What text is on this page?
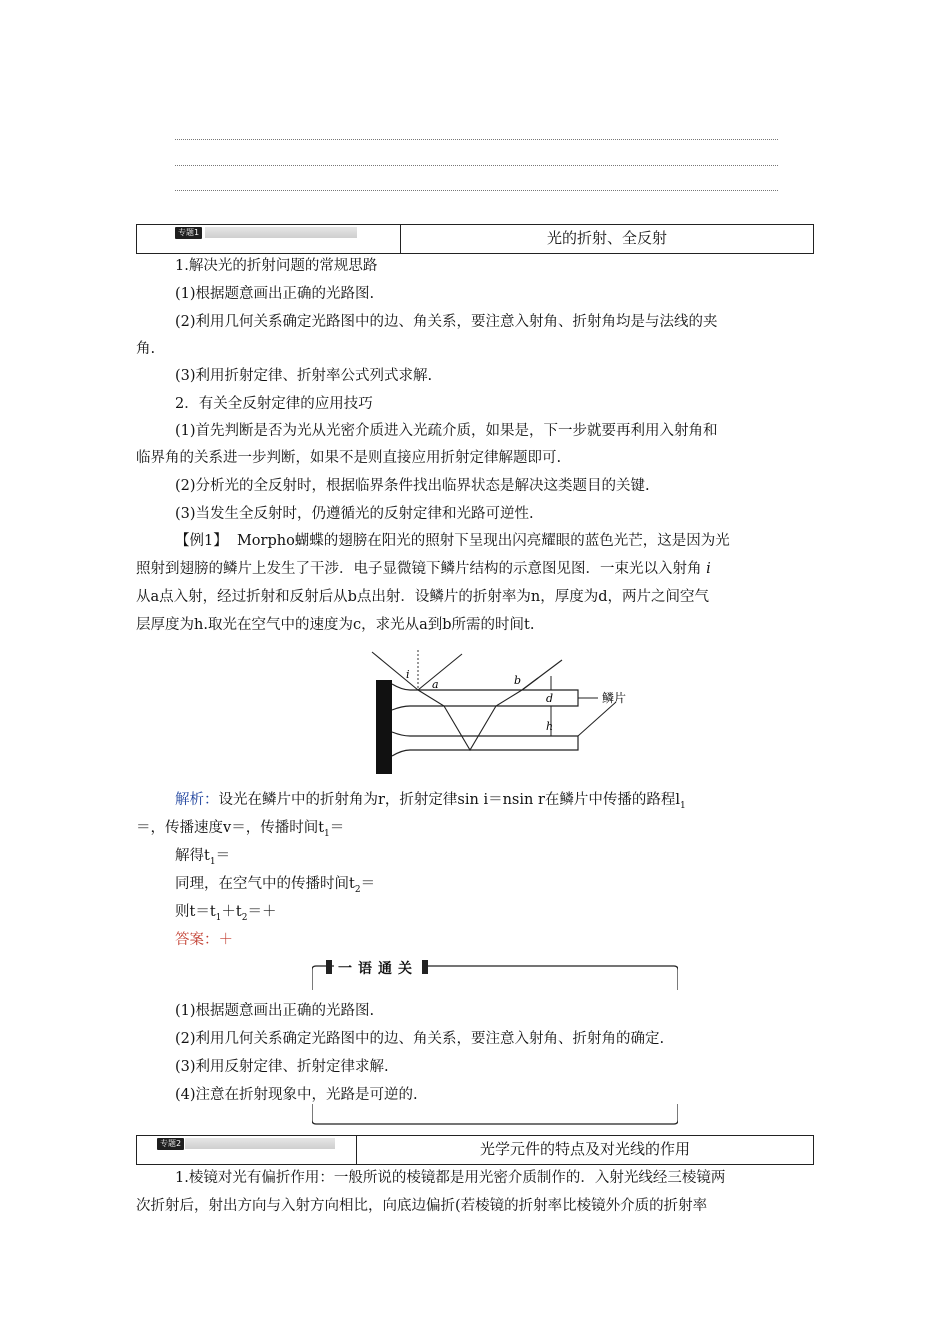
专题1	光的折射、全反射
1.解决光的折射问题的常规思路
(1)根据题意画出正确的光路图.
(2)利用几何关系确定光路图中的边、角关系，要注意入射角、折射角均是与法线的夹
角.
(3)利用折射定律、折射率公式列式求解.
2．有关全反射定律的应用技巧
(1)首先判断是否为光从光密介质进入光疏介质，如果是，下一步就要再利用入射角和
临界角的关系进一步判断，如果不是则直接应用折射定律解题即可.
(2)分析光的全反射时，根据临界条件找出临界状态是解决这类题目的关键.
(3)当发生全反射时，仍遵循光的反射定律和光路可逆性.
【例1】 Morpho蝴蝶的翅膀在阳光的照射下呈现出闪亮耀眼的蓝色光芒，这是因为光
照射到翅膀的鳞片上发生了干涉．电子显微镜下鳞片结构的示意图见图．一束光以入射角 i
从a点入射，经过折射和反射后从b点出射．设鳞片的折射率为n，厚度为d，两片之间空气
层厚度为h.取光在空气中的速度为c，求光从a到b所需的时间t.
i
a	b
d
h
鳞片
解析：设光在鳞片中的折射角为r，折射定律sin i＝nsin r在鳞片中传播的路程$l_1$
＝，传播速度v＝，传播时间$t_1=$
解得$t_1=$
同理，在空气中的传播时间$t_2=$
则$t=t_1+t_2=+$
答案：＋
一语通关
(1)根据题意画出正确的光路图.
(2)利用几何关系确定光路图中的边、角关系，要注意入射角、折射角的确定.
(3)利用反射定律、折射定律求解.
(4)注意在折射现象中，光路是可逆的.
专题2	光学元件的特点及对光线的作用
1.棱镜对光有偏折作用：一般所说的棱镜都是用光密介质制作的．入射光线经三棱镜两
次折射后，射出方向与入射方向相比，向底边偏折(若棱镜的折射率比棱镜外介质的折射率
